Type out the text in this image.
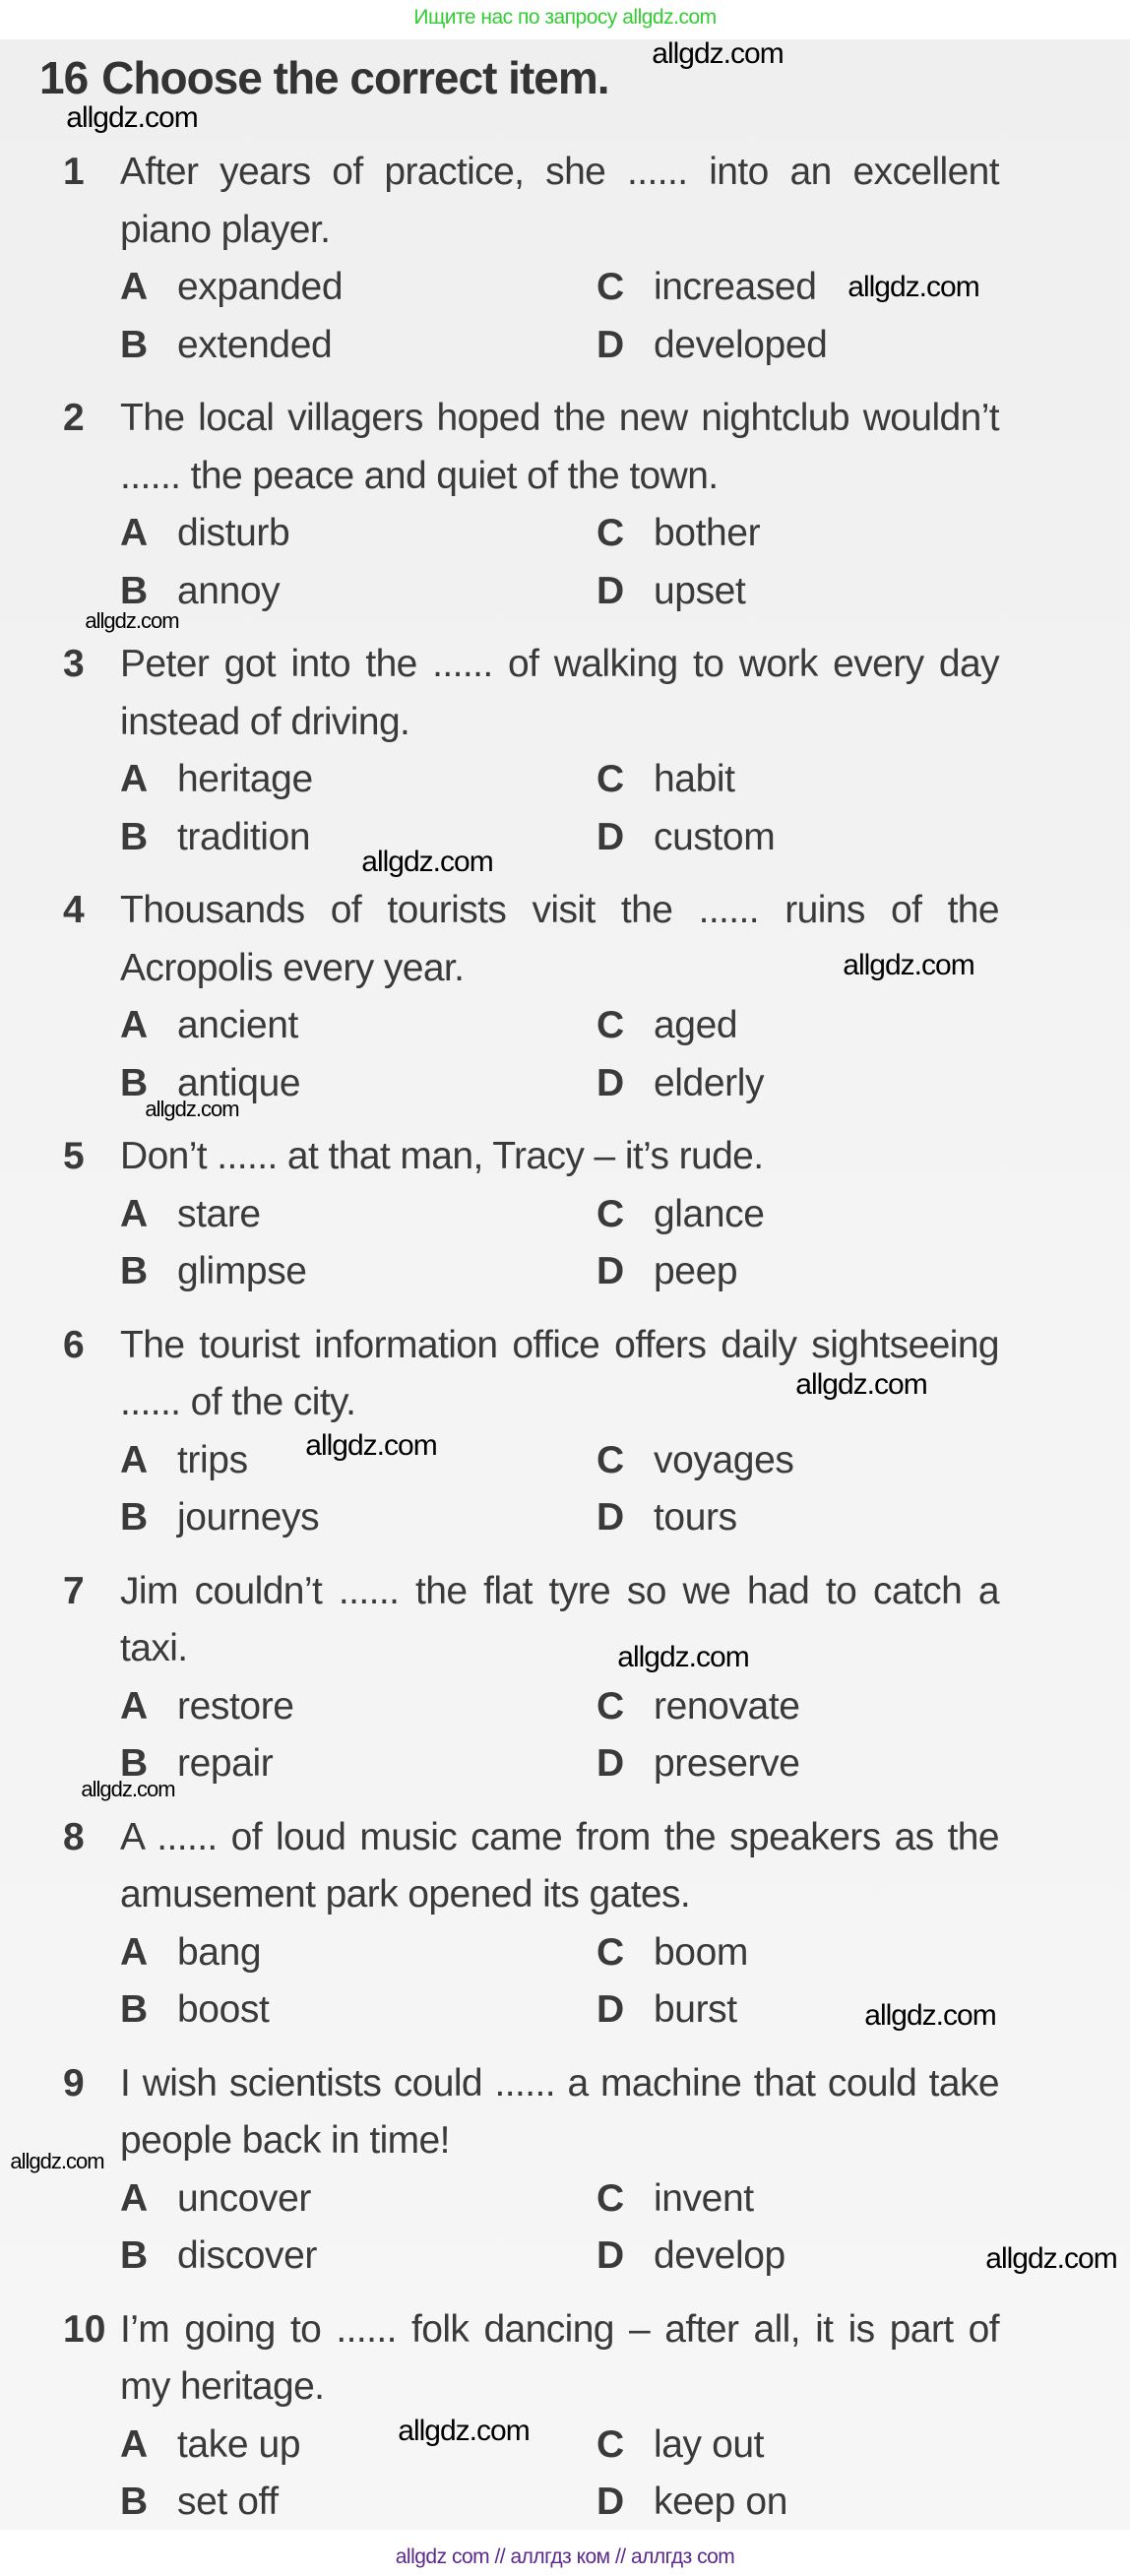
Ищите нас по запросу allgdz.com
16 Choose the correct item.
1 After years of practice, she ...... into an excellent piano player.
A expanded	C increased
B extended	D developed
2 The local villagers hoped the new nightclub wouldn’t ...... the peace and quiet of the town.
A disturb	C bother
B annoy	D upset
3 Peter got into the ...... of walking to work every day instead of driving.
A heritage	C habit
B tradition	D custom
4 Thousands of tourists visit the ...... ruins of the Acropolis every year.
A ancient	C aged
B antique	D elderly
5 Don’t ...... at that man, Tracy – it’s rude.
A stare	C glance
B glimpse	D peep
6 The tourist information office offers daily sightseeing ...... of the city.
A trips	C voyages
B journeys	D tours
7 Jim couldn’t ...... the flat tyre so we had to catch a taxi.
A restore	C renovate
B repair	D preserve
8 A ...... of loud music came from the speakers as the amusement park opened its gates.
A bang	C boom
B boost	D burst
9 I wish scientists could ...... a machine that could take people back in time!
A uncover	C invent
B discover	D develop
10 I’m going to ...... folk dancing – after all, it is part of my heritage.
A take up	C lay out
B set off	D keep on
allgdz.com
allgdz.com
allgdz.com
allgdz.com
allgdz.com
allgdz.com
allgdz.com
allgdz.com
allgdz.com
allgdz.com
allgdz.com
allgdz.com
allgdz.com
allgdz.com
allgdz.com
allgdz com // аллгдз ком // аллгдз com
